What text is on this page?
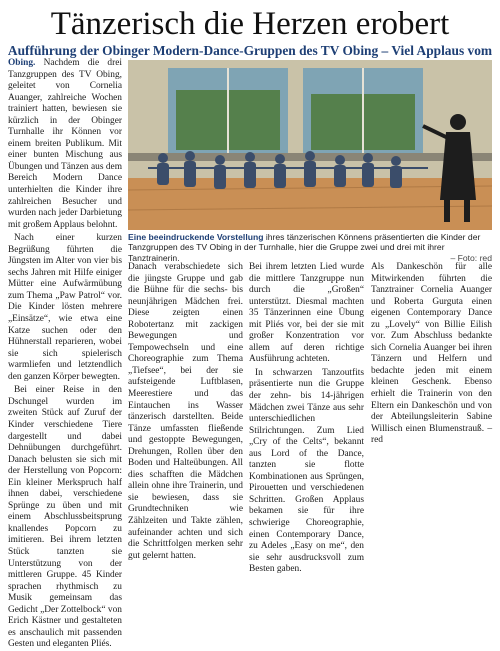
Tänzerisch die Herzen erobert
Aufführung der Obinger Modern-Dance-Gruppen des TV Obing – Viel Applaus vom
Eine beeindruckende Vorstellung ihres tänzerischen Könnens präsentierten die Kinder der Tanzgruppen des TV Obing in der Turnhalle, hier die Gruppe zwei und drei mit ihrer Tanztrainerin.	– Foto: red

Obing. Nachdem die drei Tanzgruppen des TV Obing, geleitet von Cornelia Auanger, zahlreiche Wochen trainiert hatten, bewiesen sie kürzlich in der Obinger Turnhalle ihr Können vor einem breiten Publikum. Mit einer bunten Mischung aus Übungen und Tänzen aus dem Bereich Modern Dance unterhielten die Kinder ihre zahlreichen Besucher und wurden nach jeder Darbietung mit großem Applaus belohnt.

Nach einer kurzen Begrüßung führten die Jüngsten im Alter von vier bis sechs Jahren mit Hilfe einiger Mütter eine Aufwärmübung zum Thema „Paw Patrol“ vor. Die Kinder lösten mehrere „Einsätze“, wie etwa eine Katze suchen oder den Hühnerstall reparieren, wobei sie sich spielerisch warmliefen und letztendlich den ganzen Körper bewegten.

Bei einer Reise in den Dschungel wurden im zweiten Stück auf Zuruf der Kinder verschiedene Tiere dargestellt und dabei Dehnübungen durchgeführt. Danach belusten sie sich mit der Herstellung von Popcorn: Ein kleiner Merkspruch half ihnen dabei, verschiedene Sprünge zu üben und mit einem Abschlussbeitsprung knallendes Popcorn zu imitieren. Bei ihrem letzten Stück tanzten sie Unterstützung von der mittleren Gruppe. 45 Kinder sprachen rhythmisch zu Musik gemeinsam das Gedicht „Der Zottelbock“ von Erich Kästner und gestalteten es anschaulich mit passenden Gesten und eleganten Pliés.

Danach verabschiedete sich die jüngste Gruppe und gab die Bühne für die sechs- bis neunjährigen Mädchen frei. Diese zeigten einen Robotertanz mit zackigen Bewegungen und Tempowechseln und eine Choreographie zum Thema „Tiefsee“, bei der sie aufsteigende Luftblasen, Meerestiere und das Eintauchen ins Wasser tänzerisch darstellten. Beide Tänze umfassten fließende und gestoppte Bewegungen, Drehungen, Rollen über den Boden und Halteübungen. All dies schafften die Mädchen allein ohne ihre Trainerin, und sie bewiesen, dass sie Grundtechniken wie Zählzeiten und Takte zählen, aufeinander achten und sich die Schrittfolgen merken sehr gut gelernt hatten.

Bei ihrem letzten Lied wurde die mittlere Tanzgruppe nun durch die „Großen“ unterstützt. Diesmal machten 35 Tänzerinnen eine Übung mit Pliés vor, bei der sie mit großer Konzentration vor allem auf deren richtige Ausführung achteten.

In schwarzen Tanzoutfits präsentierte nun die Gruppe der zehn- bis 14-jährigen Mädchen zwei Tänze aus sehr unterschiedlichen Stilrichtungen. Zum Lied „Cry of the Celts“, bekannt aus Lord of the Dance, tanzten sie flotte Kombinationen aus Sprüngen, Pirouetten und verschiedenen Schritten. Großen Applaus bekamen sie für ihre schwierige Choreographie, einen Contemporary Dance, zu Adeles „Easy on me“, den sie sehr ausdrucksvoll zum Besten gaben.

Als Dankeschön für alle Mitwirkenden führten die Tanztrainer Cornelia Auanger und Roberta Gurguta einen eigenen Contemporary Dance zu „Lovely“ von Billie Eilish vor. Zum Abschluss bedankte sich Cornelia Auanger bei ihren Tänzern und Helfern und bedachte jeden mit einem kleinen Geschenk. Ebenso erhielt die Trainerin von den Eltern ein Dankeschön und von der Abteilungsleiterin Sabine Willisch einen Blumenstrauß. – red
